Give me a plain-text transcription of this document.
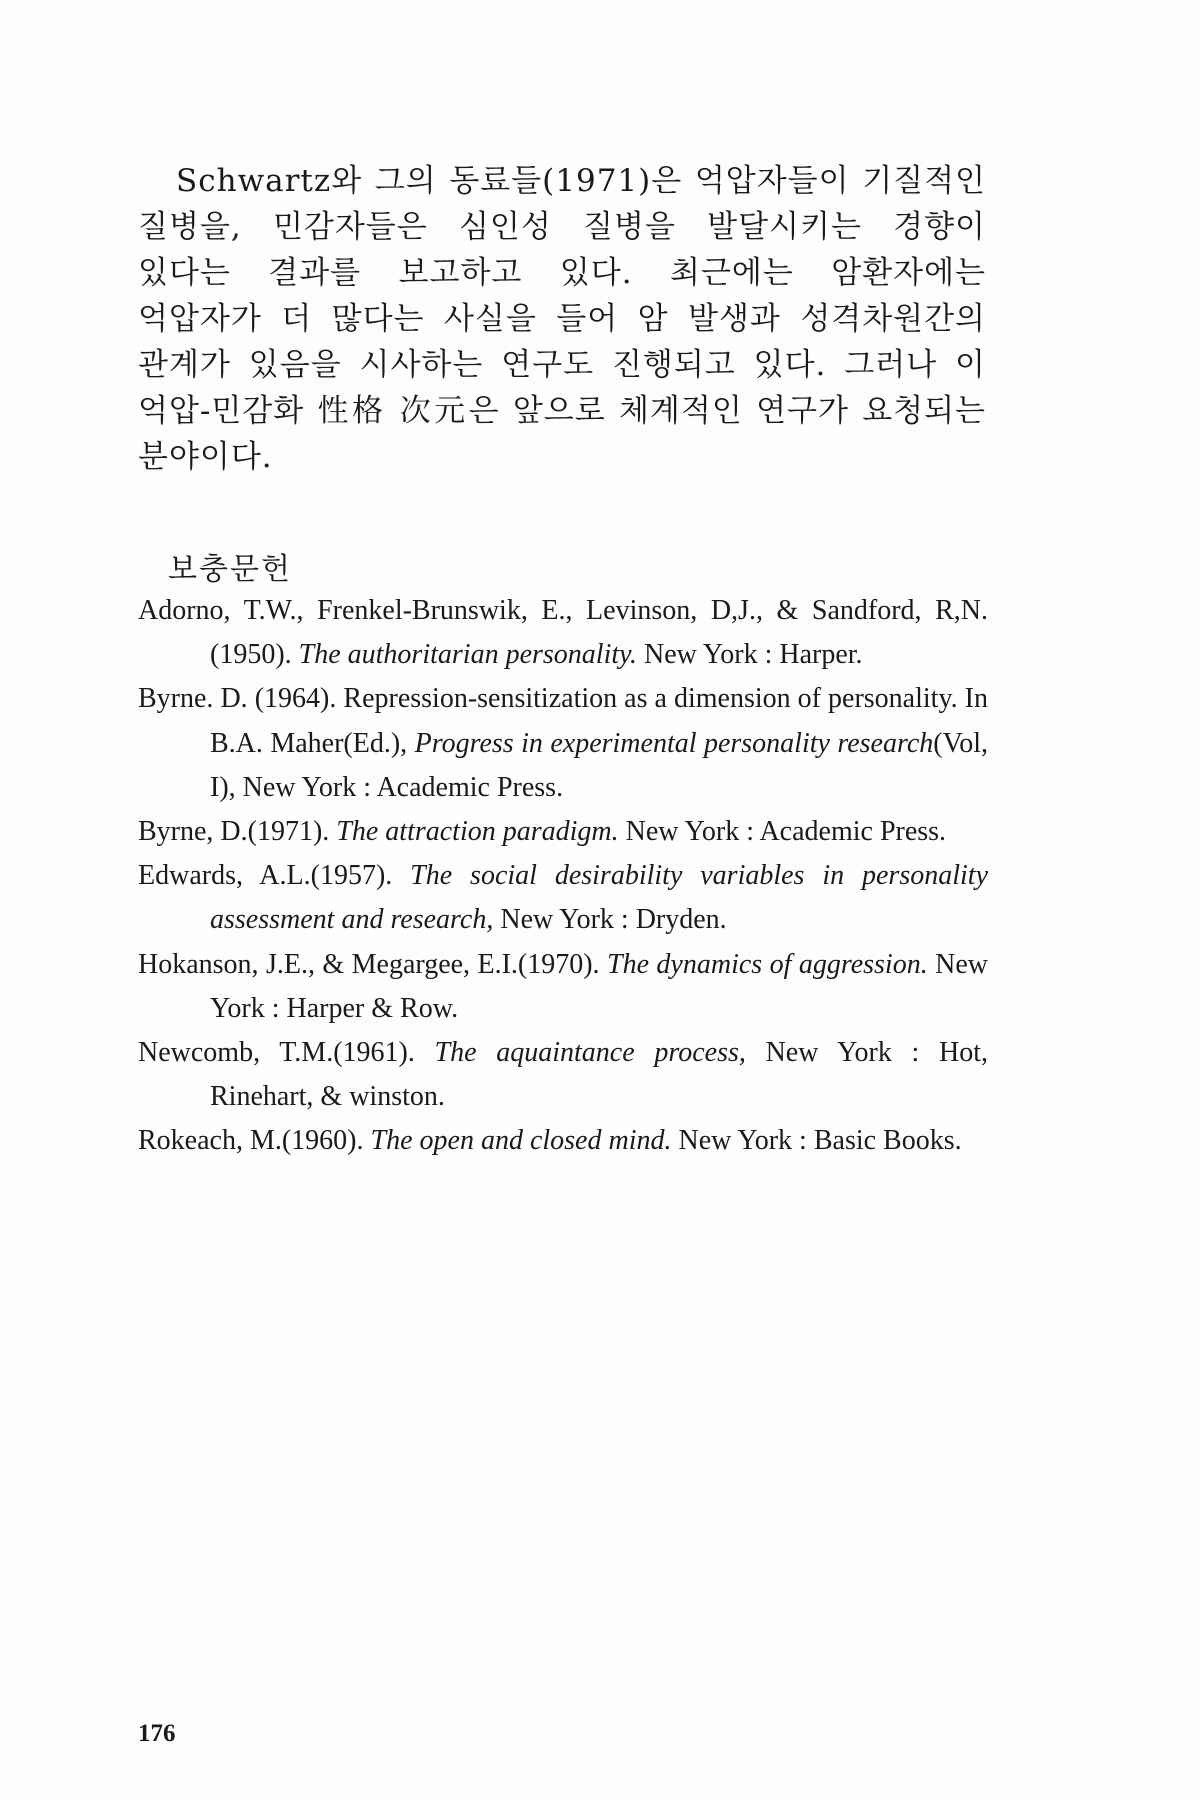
Schwartz와 그의 동료들(1971)은 억압자들이 기질적인 질병을, 민감자들은 심인성 질병을 발달시키는 경향이 있다는 결과를 보고하고 있다. 최근에는 암환자에는 억압자가 더 많다는 사실을 들어 암 발생과 성격차원간의 관계가 있음을 시사하는 연구도 진행되고 있다. 그러나 이 억압-민감화 性格 次元은 앞으로 체계적인 연구가 요청되는 분야이다.

보충문헌
Adorno, T.W., Frenkel-Brunswik, E., Levinson, D,J., & Sandford, R,N. (1950). The authoritarian personality. New York : Harper.
Byrne. D. (1964). Repression-sensitization as a dimension of personality. In B.A. Maher(Ed.), Progress in experimental personality research(Vol, I), New York : Academic Press.
Byrne, D.(1971). The attraction paradigm. New York : Academic Press.
Edwards, A.L.(1957). The social desirability variables in personality assessment and research, New York : Dryden.
Hokanson, J.E., & Megargee, E.I.(1970). The dynamics of aggression. New York : Harper & Row.
Newcomb, T.M.(1961). The aquaintance process, New York : Hot, Rinehart, & winston.
Rokeach, M.(1960). The open and closed mind. New York : Basic Books.
176
